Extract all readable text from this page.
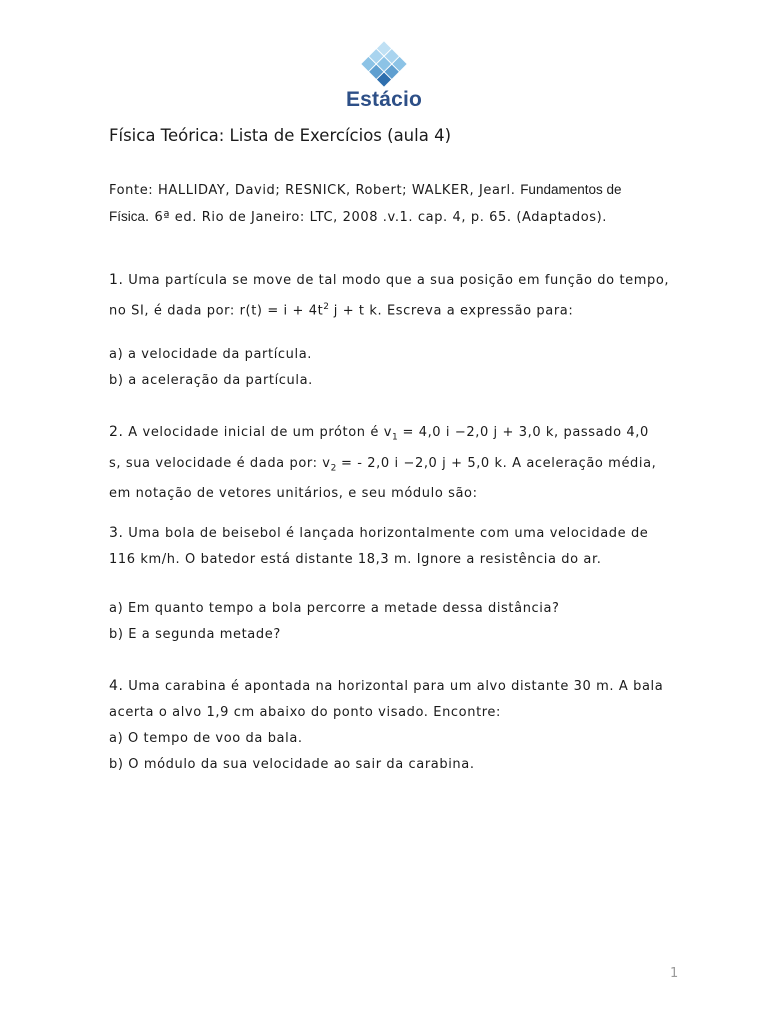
Estácio
Física Teórica: Lista de Exercícios (aula 4)
Fonte: HALLIDAY, David; RESNICK, Robert; WALKER, Jearl. Fundamentos de
Física. 6ª ed. Rio de Janeiro: LTC, 2008 .v.1. cap. 4, p. 65. (Adaptados).
1. Uma partícula se move de tal modo que a sua posição em função do tempo,
no SI, é dada por: $r(t) = i + 4t^2$ j + t k. Escreva a expressão para:
a) a velocidade da partícula.
b) a aceleração da partícula.
2. A velocidade inicial de um próton é $v_1 = 4,0$ i −2,0 j + 3,0 k, passado 4,0
s, sua velocidade é dada por: $v_2$ = - 2,0 i −2,0 j + 5,0 k. A aceleração média,
em notação de vetores unitários, e seu módulo são:
3. Uma bola de beisebol é lançada horizontalmente com uma velocidade de
116 km/h. O batedor está distante 18,3 m. Ignore a resistência do ar.
a) Em quanto tempo a bola percorre a metade dessa distância?
b) E a segunda metade?
4. Uma carabina é apontada na horizontal para um alvo distante 30 m. A bala
acerta o alvo 1,9 cm abaixo do ponto visado. Encontre:
a) O tempo de voo da bala.
b) O módulo da sua velocidade ao sair da carabina.
1
